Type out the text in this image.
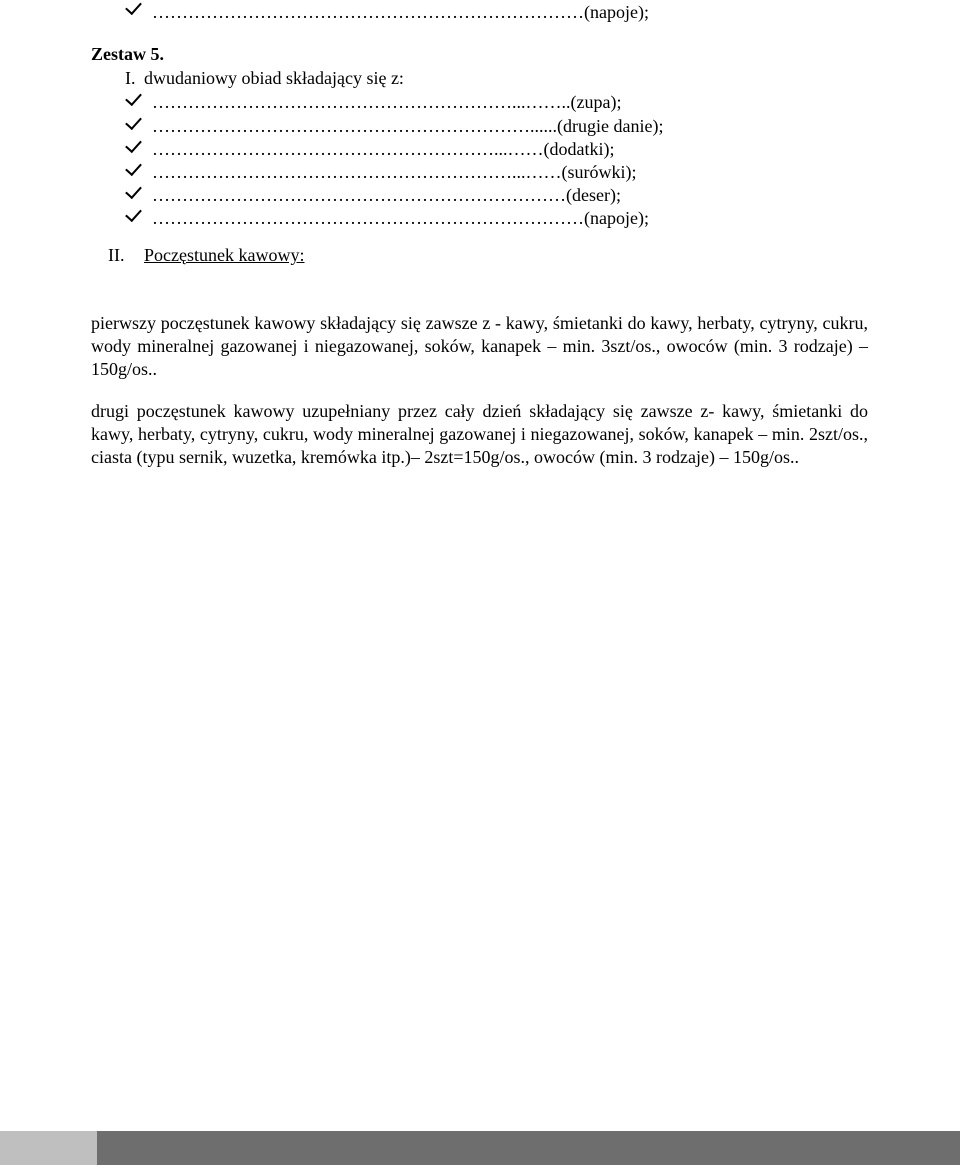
………………………………………………………………(napoje);
Zestaw 5.
I. dwudaniowy obiad składający się z:
……………………………………………………...……..(zupa);
………………………………………………………......(drugie danie);
…………………………………………………...……(dodatki);
……………………………………………………...……(surówki);
……………………………………………………………(deser);
………………………………………………………………(napoje);
II. Poczęstunek kawowy:
pierwszy poczęstunek kawowy składający się zawsze z - kawy, śmietanki do kawy, herbaty, cytryny, cukru, wody mineralnej gazowanej i niegazowanej, soków, kanapek – min. 3szt/os., owoców (min. 3 rodzaje) – 150g/os..
drugi poczęstunek kawowy uzupełniany przez cały dzień składający się zawsze z- kawy, śmietanki do kawy, herbaty, cytryny, cukru, wody mineralnej gazowanej i niegazowanej, soków, kanapek – min. 2szt/os., ciasta (typu sernik, wuzetka, kremówka itp.)– 2szt=150g/os., owoców (min. 3 rodzaje) – 150g/os..
